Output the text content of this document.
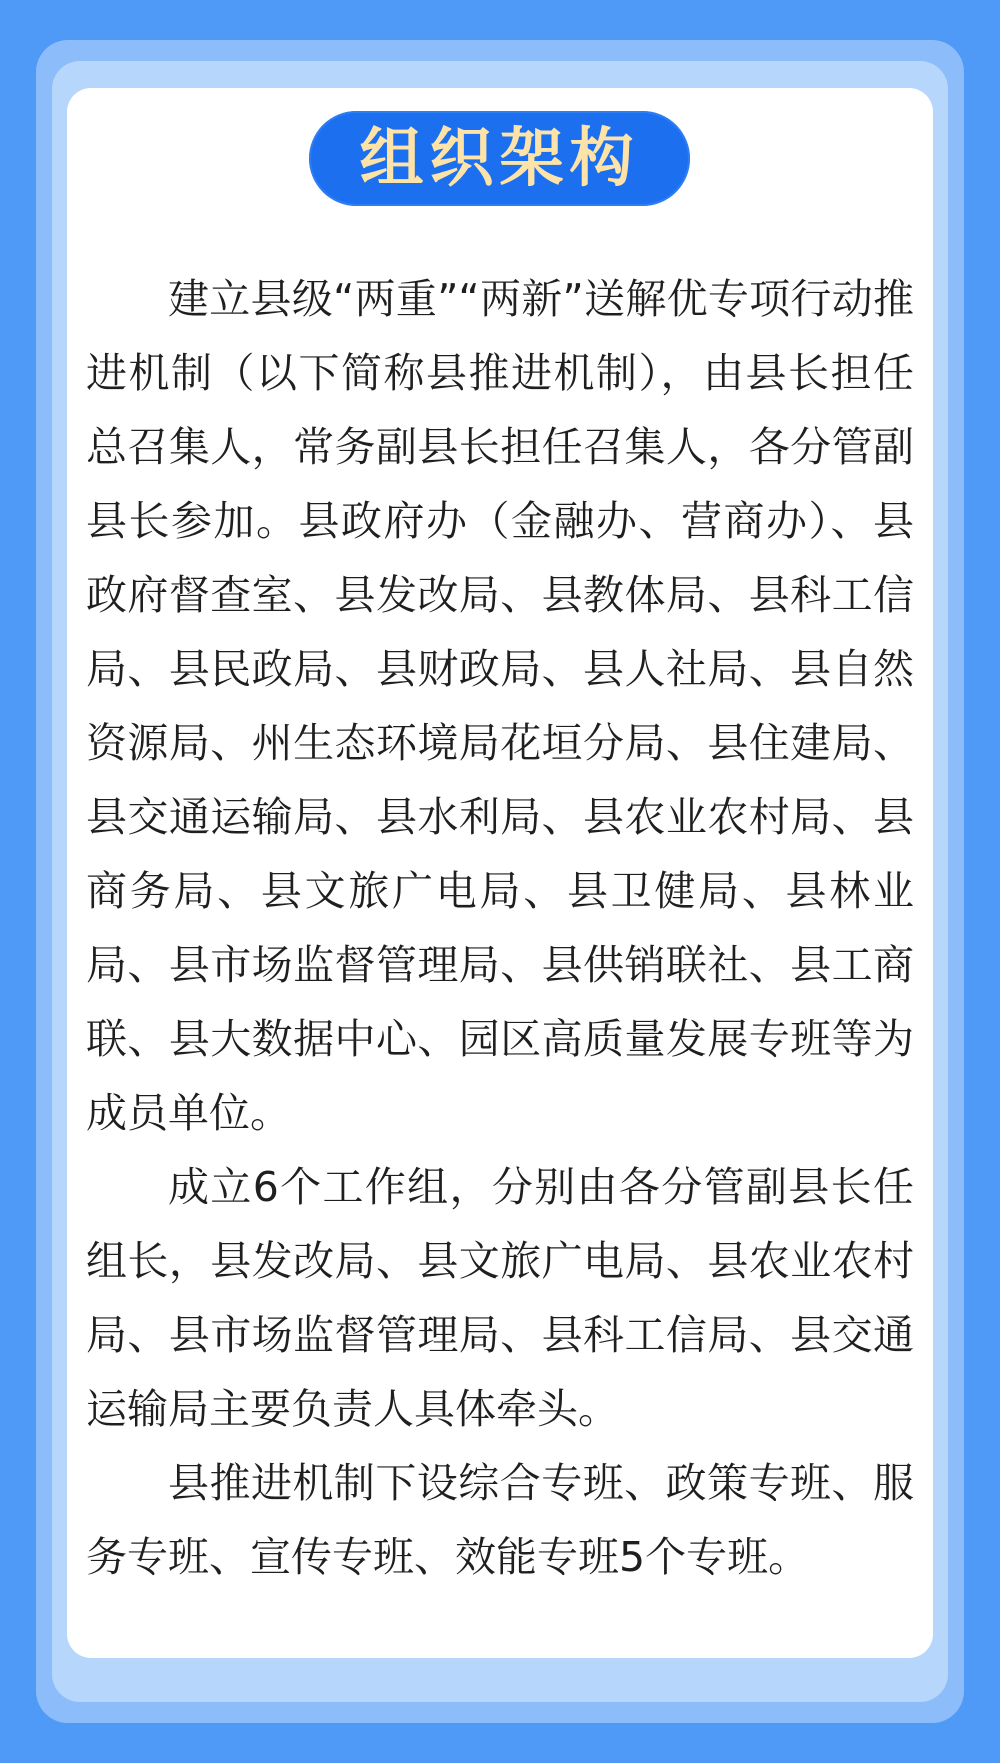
组织架构

建立县级“两重”“两新”送解优专项行动推进机制（以下简称县推进机制），由县长担任总召集人，常务副县长担任召集人，各分管副县长参加。县政府办（金融办、营商办）、县政府督查室、县发改局、县教体局、县科工信局、县民政局、县财政局、县人社局、县自然资源局、州生态环境局花垣分局、县住建局、县交通运输局、县水利局、县农业农村局、县商务局、县文旅广电局、县卫健局、县林业局、县市场监督管理局、县供销联社、县工商联、县大数据中心、园区高质量发展专班等为成员单位。

成立6个工作组，分别由各分管副县长任组长，县发改局、县文旅广电局、县农业农村局、县市场监督管理局、县科工信局、县交通运输局主要负责人具体牵头。

县推进机制下设综合专班、政策专班、服务专班、宣传专班、效能专班5个专班。
